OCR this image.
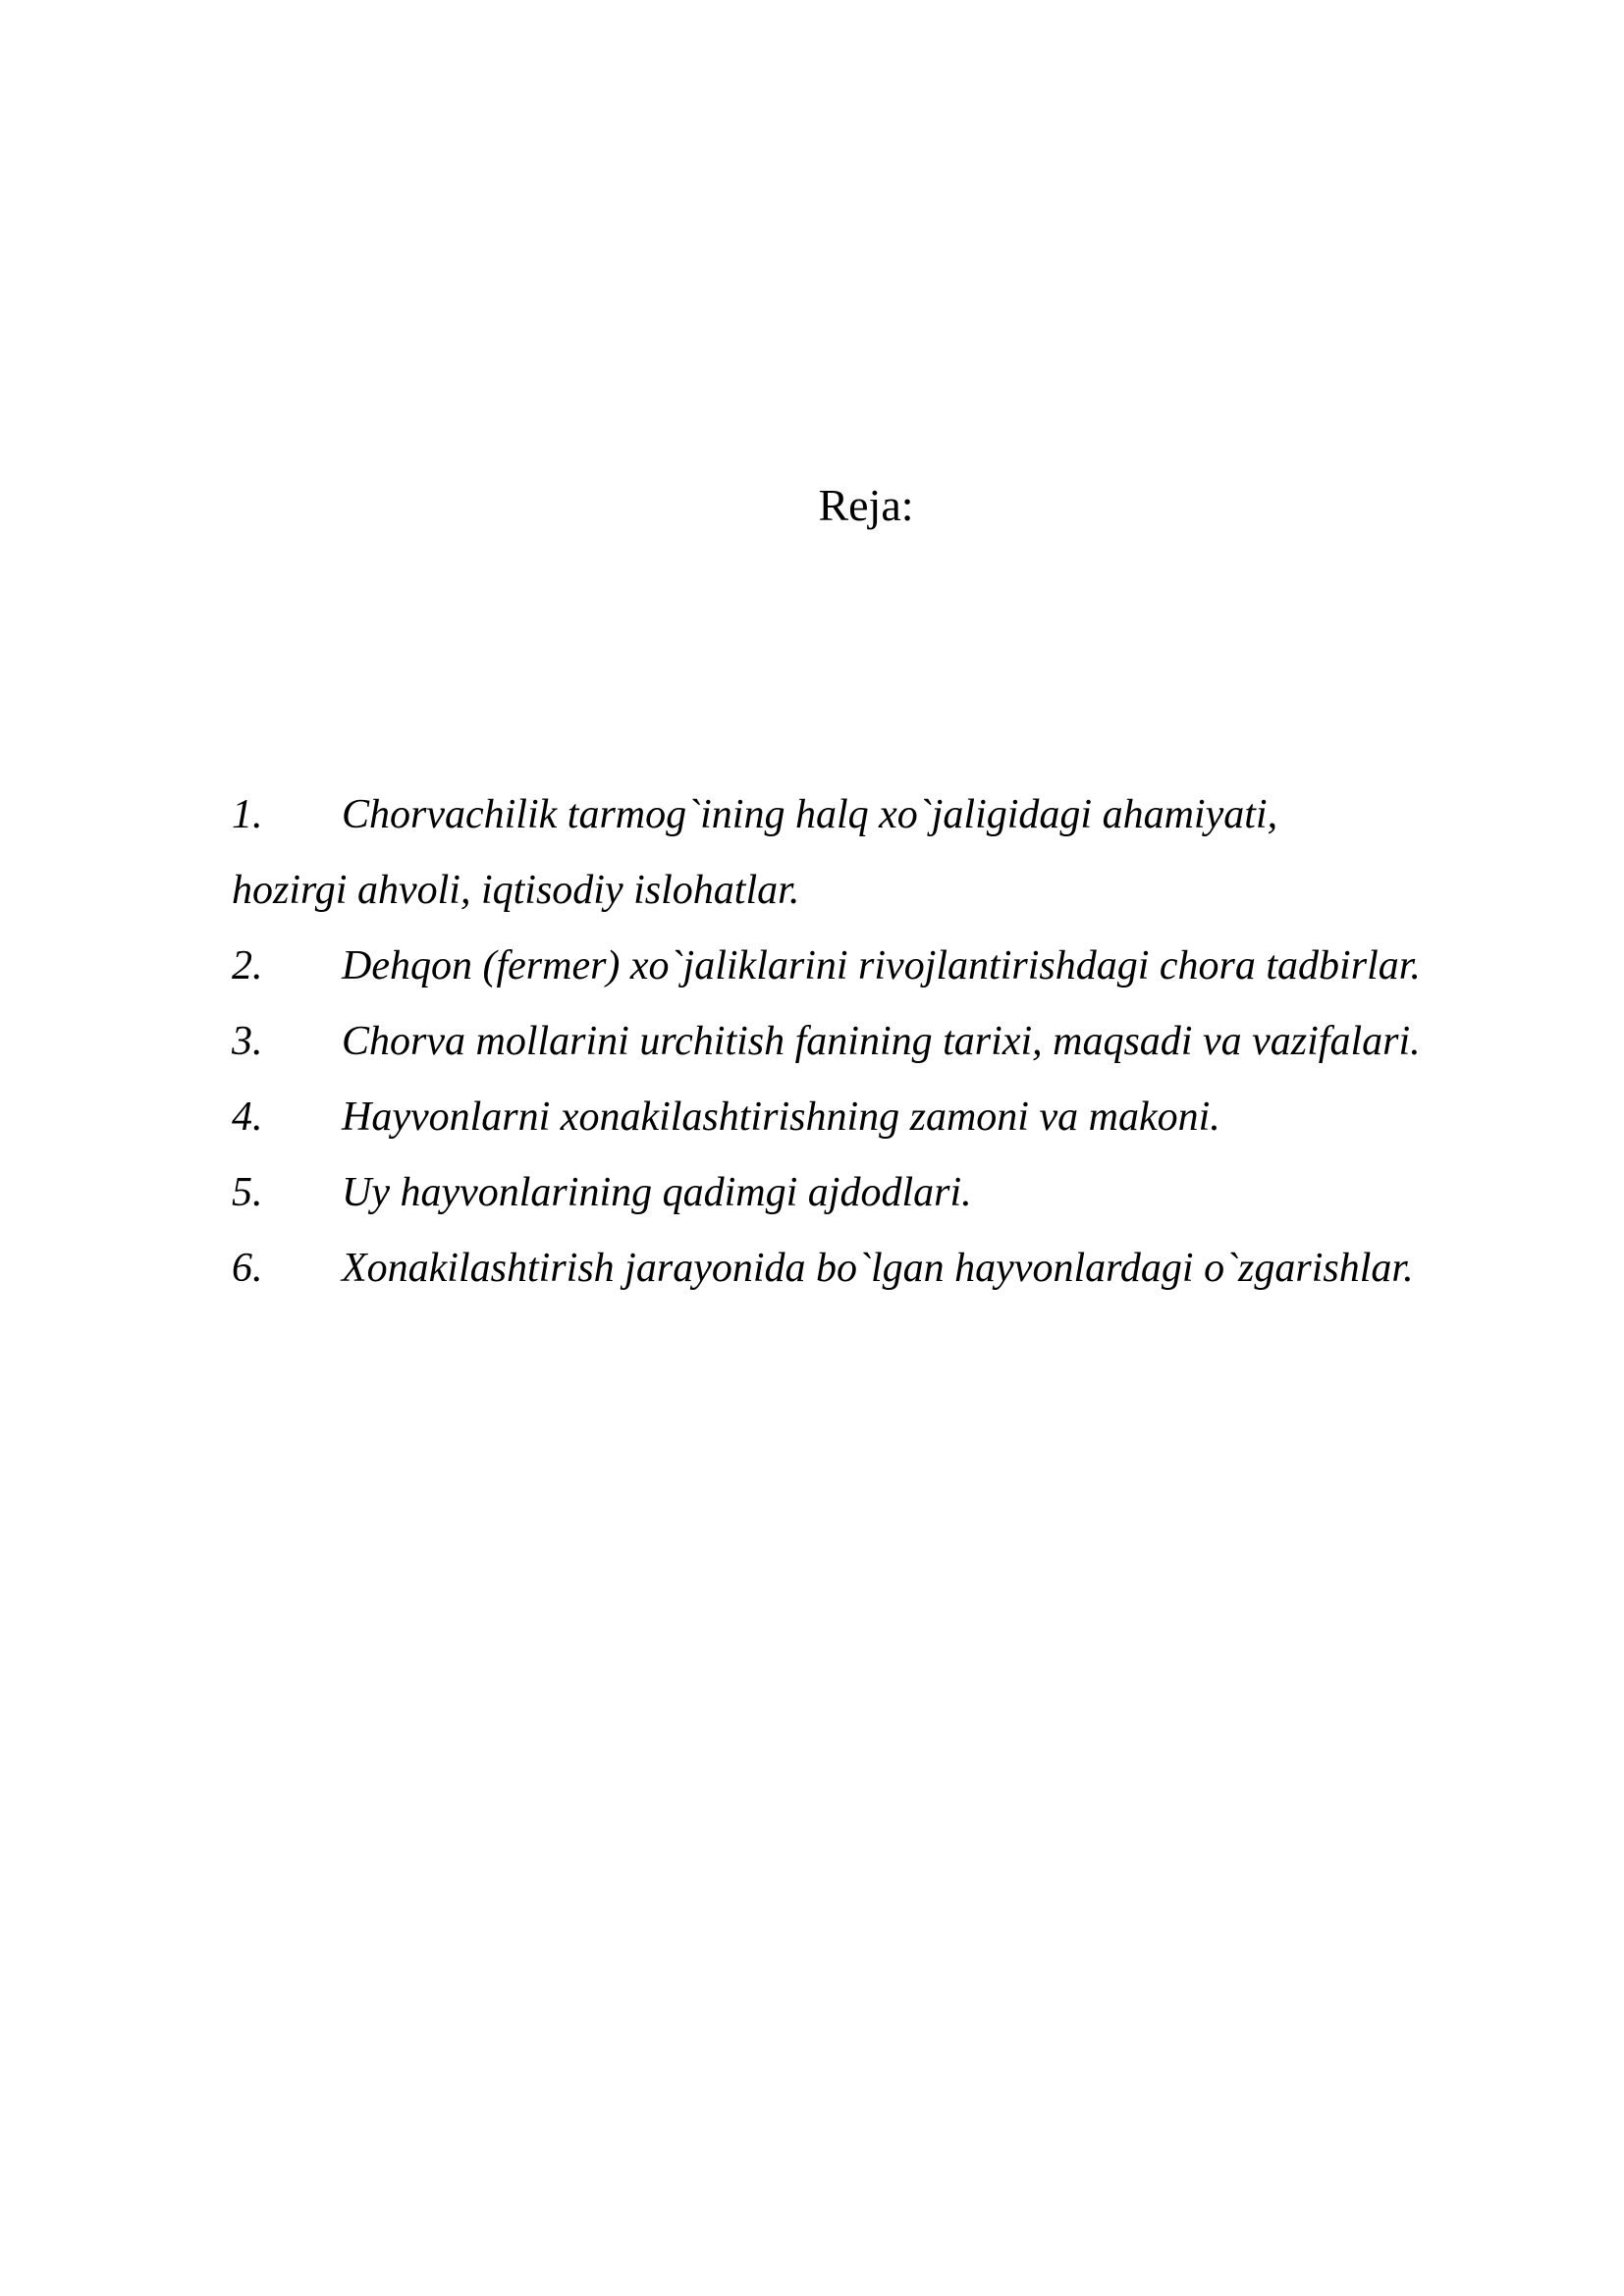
Reja:
1. Chorvachilik tarmog`ining halq xo`jaligidagi ahamiyati,
hozirgi ahvoli, iqtisodiy islohatlar.
2. Dehqon (fermer) xo`jaliklarini rivojlantirishdagi chora tadbirlar.
3. Chorva mollarini urchitish fanining tarixi, maqsadi va vazifalari.
4. Hayvonlarni xonakilashtirishning zamoni va makoni.
5. Uy hayvonlarining qadimgi ajdodlari.
6. Xonakilashtirish jarayonida bo`lgan hayvonlardagi o`zgarishlar.
